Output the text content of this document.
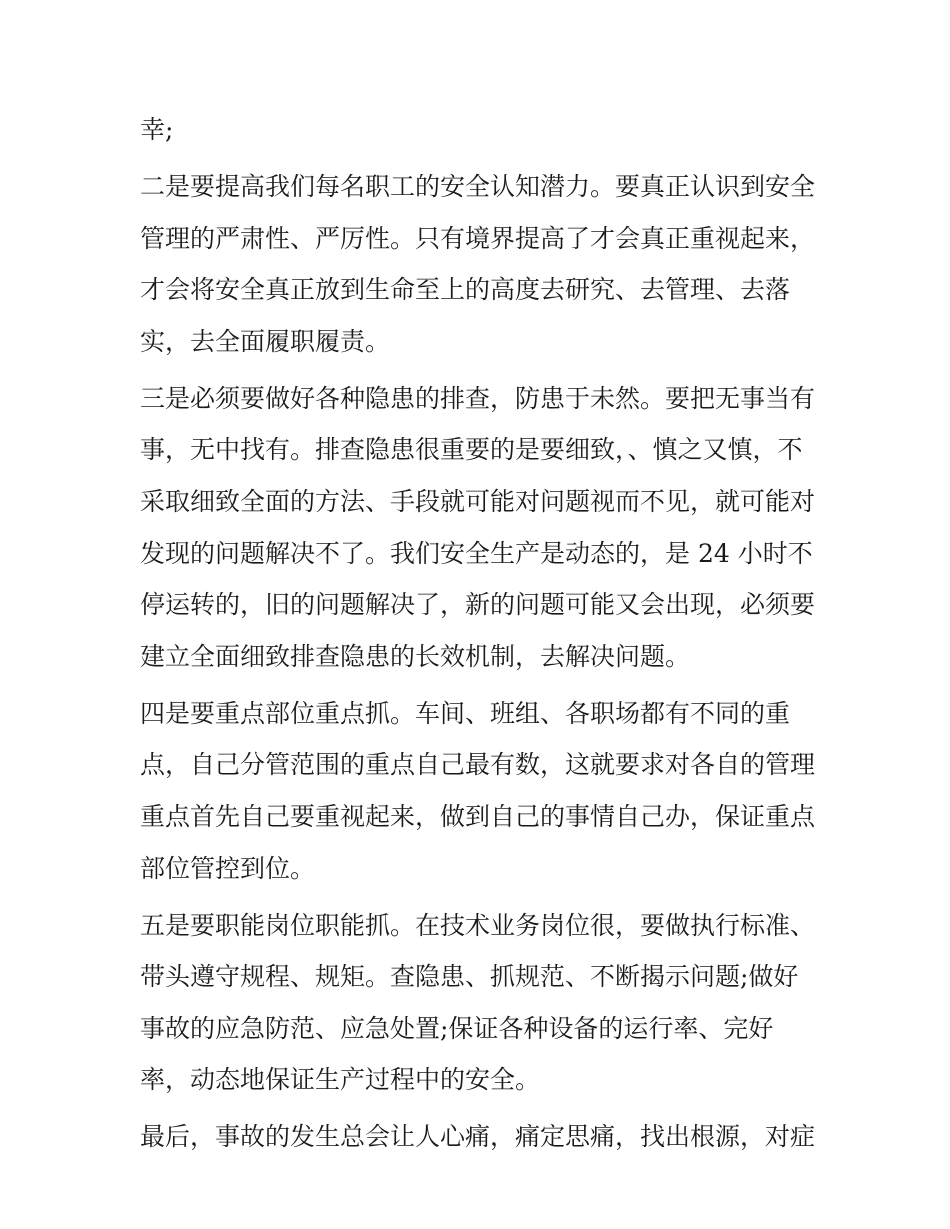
幸;
二是要提高我们每名职工的安全认知潜力。要真正认识到安全
管理的严肃性、严厉性。只有境界提高了才会真正重视起来，
才会将安全真正放到生命至上的高度去研究、去管理、去落
实，去全面履职履责。
三是必须要做好各种隐患的排查，防患于未然。要把无事当有
事，无中找有。排查隐患很重要的是要细致，、慎之又慎，不
采取细致全面的方法、手段就可能对问题视而不见，就可能对
发现的问题解决不了。我们安全生产是动态的，是 24 小时不
停运转的，旧的问题解决了，新的问题可能又会出现，必须要
建立全面细致排查隐患的长效机制，去解决问题。
四是要重点部位重点抓。车间、班组、各职场都有不同的重
点，自己分管范围的重点自己最有数，这就要求对各自的管理
重点首先自己要重视起来，做到自己的事情自己办，保证重点
部位管控到位。
五是要职能岗位职能抓。在技术业务岗位很，要做执行标准、
带头遵守规程、规矩。查隐患、抓规范、不断揭示问题;做好
事故的应急防范、应急处置;保证各种设备的运行率、完好
率，动态地保证生产过程中的安全。
最后，事故的发生总会让人心痛，痛定思痛，找出根源，对症
